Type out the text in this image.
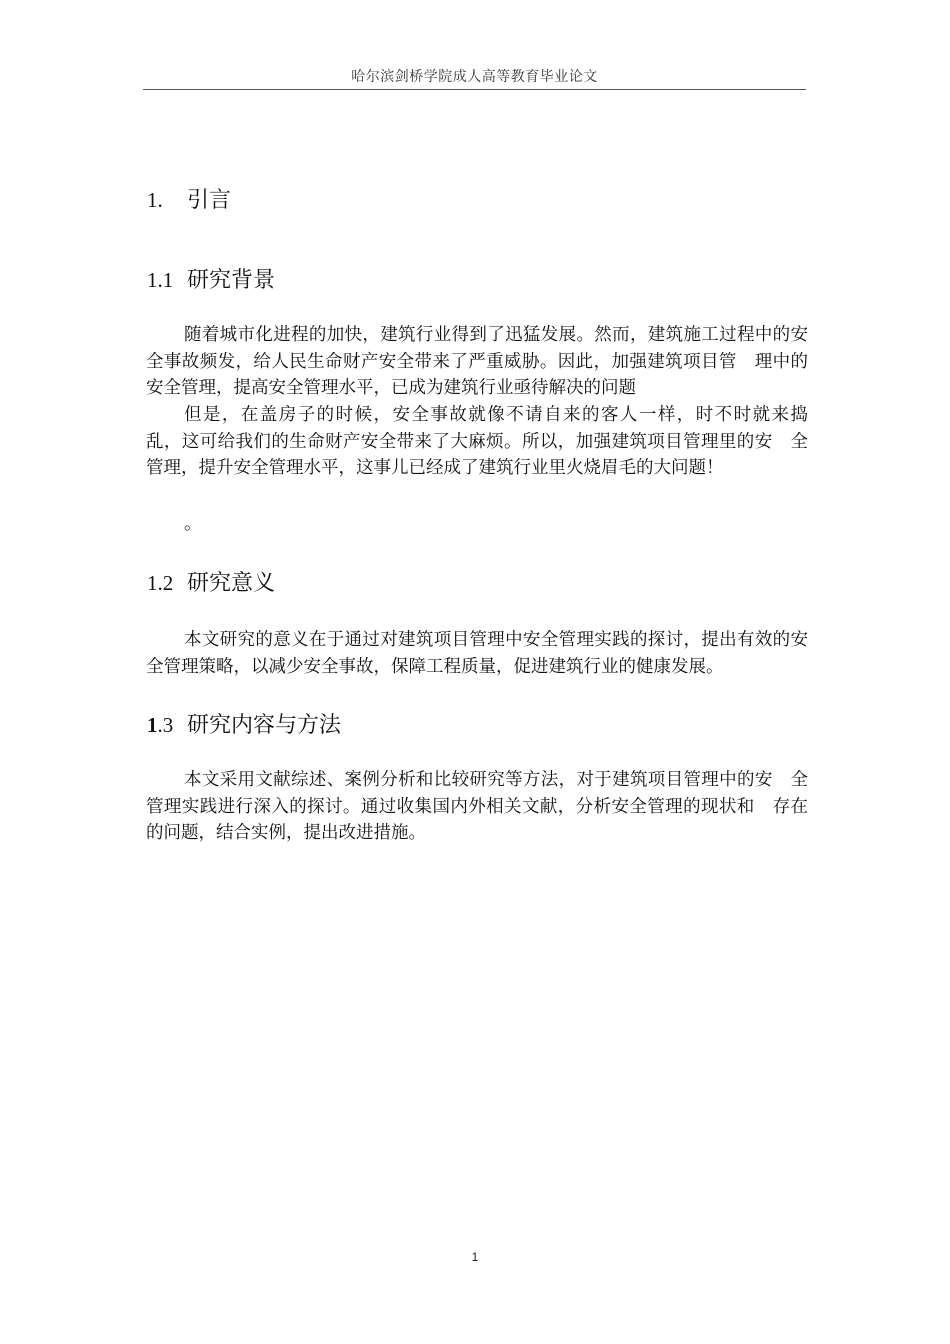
哈尔滨剑桥学院成人高等教育毕业论文
1. 引言
1.1 研究背景

随着城市化进程的加快，建筑行业得到了迅猛发展。然而，建筑施工过程中的安全事故频发，给人民生命财产安全带来了严重威胁。因此，加强建筑项目管　理中的安全管理，提高安全管理水平，已成为建筑行业亟待解决的问题

但是，在盖房子的时候，安全事故就像不请自来的客人一样，时不时就来捣　乱，这可给我们的生命财产安全带来了大麻烦。所以，加强建筑项目管理里的安　全管理，提升安全管理水平，这事儿已经成了建筑行业里火烧眉毛的大问题！

。
1.2 研究意义

本文研究的意义在于通过对建筑项目管理中安全管理实践的探讨，提出有效的安全管理策略，以减少安全事故，保障工程质量，促进建筑行业的健康发展。

1.3 研究内容与方法

本文采用文献综述、案例分析和比较研究等方法，对于建筑项目管理中的安　全管理实践进行深入的探讨。通过收集国内外相关文献，分析安全管理的现状和　存在的问题，结合实例，提出改进措施。

1
